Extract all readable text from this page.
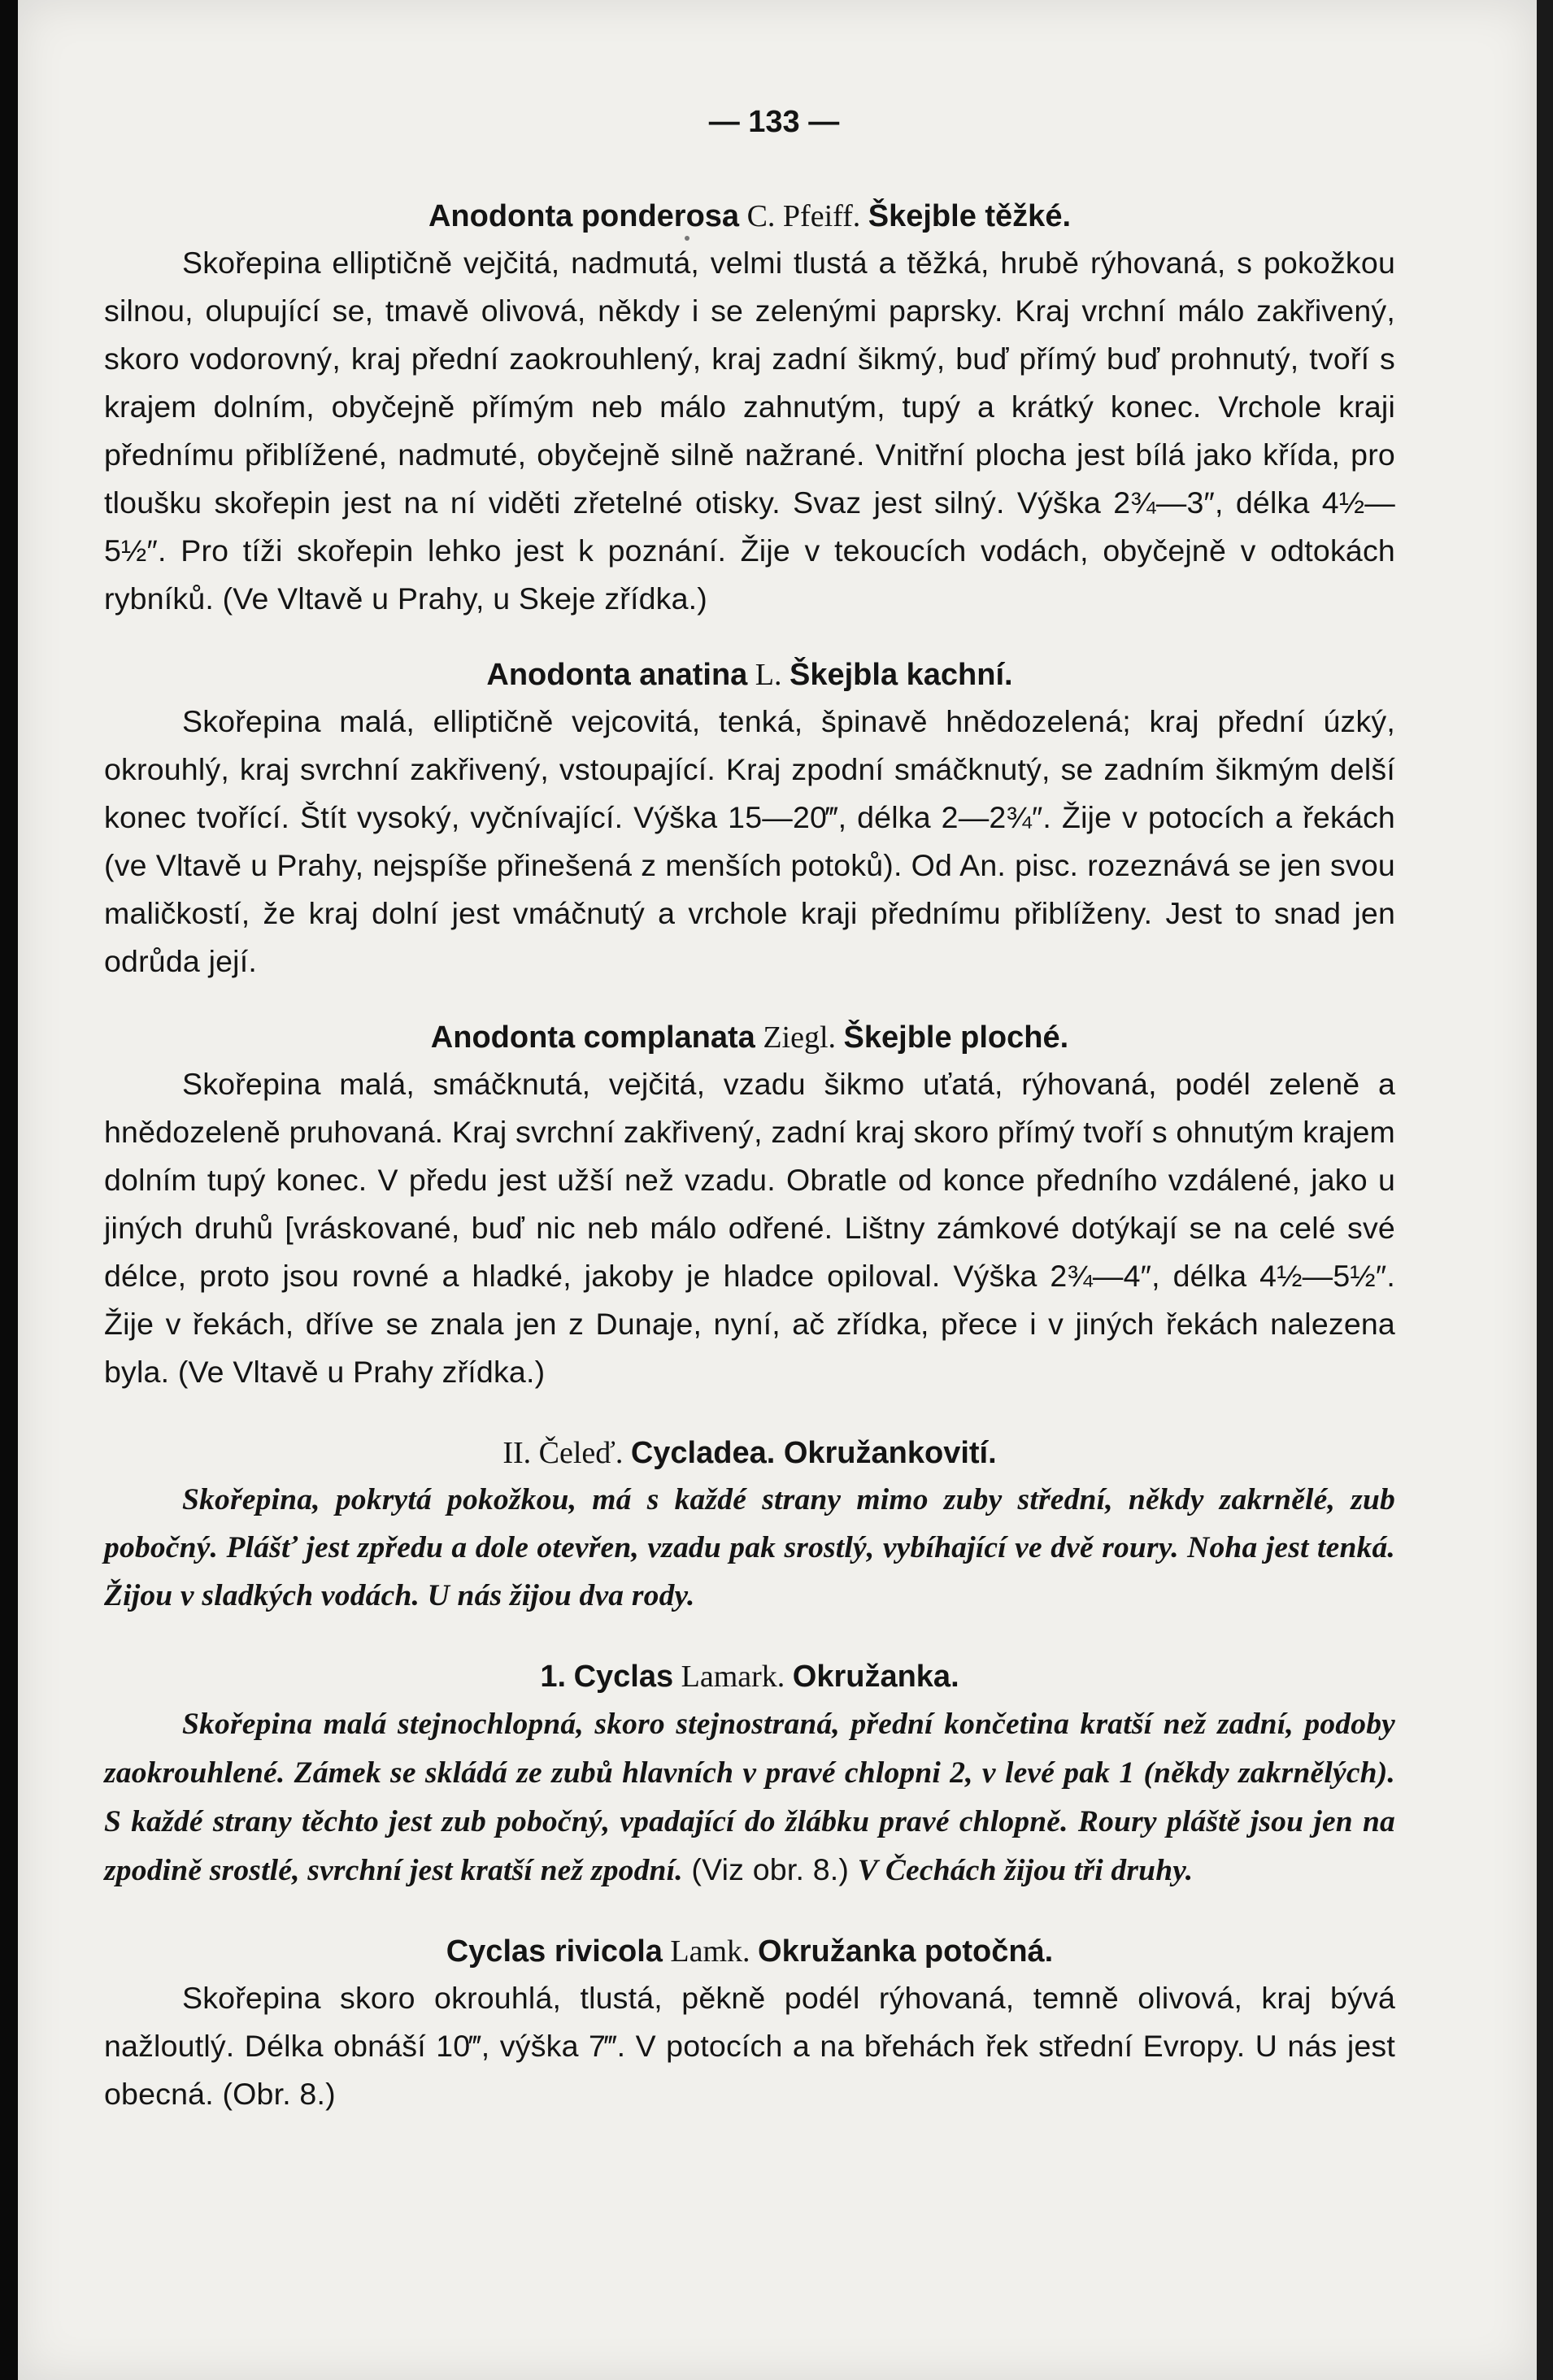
— 133 —
Anodonta ponderosa C. Pfeiff. Škejble těžké.

Skořepina elliptičně vejčitá, nadmutá, velmi tlustá a těžká, hrubě rýhovaná, s pokožkou silnou, olupující se, tmavě olivová, někdy i se zelenými paprsky. Kraj vrchní málo zakřivený, skoro vodorovný, kraj přední zaokrouhlený, kraj zadní šikmý, buď přímý buď prohnutý, tvoří s krajem dolním, obyčejně přímým neb málo zahnutým, tupý a krátký konec. Vrchole kraji přednímu přiblížené, nadmuté, obyčejně silně nažrané. Vnitřní plocha jest bílá jako křída, pro tloušku skořepin jest na ní viděti zřetelné otisky. Svaz jest silný. Výška 2¾—3″, délka 4½—5½″. Pro tíži skořepin lehko jest k poznání. Žije v tekoucích vodách, obyčejně v odtokách rybníků. (Ve Vltavě u Prahy, u Skeje zřídka.)

Anodonta anatina L. Škejbla kachní.

Skořepina malá, elliptičně vejcovitá, tenká, špinavě hnědozelená; kraj přední úzký, okrouhlý, kraj svrchní zakřivený, vstoupající. Kraj zpodní smáčknutý, se zadním šikmým delší konec tvořící. Štít vysoký, vyčnívající. Výška 15—20‴, délka 2—2¾″. Žije v potocích a řekách (ve Vltavě u Prahy, nejspíše přinešená z menších potoků). Od An. pisc. rozeznává se jen svou maličkostí, že kraj dolní jest vmáčnutý a vrchole kraji přednímu přiblíženy. Jest to snad jen odrůda její.

Anodonta complanata Ziegl. Škejble ploché.

Skořepina malá, smáčknutá, vejčitá, vzadu šikmo uťatá, rýhovaná, podél zeleně a hnědozeleně pruhovaná. Kraj svrchní zakřivený, zadní kraj skoro přímý tvoří s ohnutým krajem dolním tupý konec. V předu jest užší než vzadu. Obratle od konce předního vzdálené, jako u jiných druhů [vráskované, buď nic neb málo odřené. Lištny zámkové dotýkají se na celé své délce, proto jsou rovné a hladké, jakoby je hladce opiloval. Výška 2¾—4″, délka 4½—5½″. Žije v řekách, dříve se znala jen z Dunaje, nyní, ač zřídka, přece i v jiných řekách nalezena byla. (Ve Vltavě u Prahy zřídka.)

II. Čeleď. Cycladea. Okružankovití.

Skořepina, pokrytá pokožkou, má s každé strany mimo zuby střední, někdy zakrnělé, zub pobočný. Plášť jest zpředu a dole otevřen, vzadu pak srostlý, vybíhající ve dvě roury. Noha jest tenká. Žijou v sladkých vodách. U nás žijou dva rody.

1. Cyclas Lamark. Okružanka.

Skořepina malá stejnochlopná, skoro stejnostraná, přední končetina kratší než zadní, podoby zaokrouhlené. Zámek se skládá ze zubů hlavních v pravé chlopni 2, v levé pak 1 (někdy zakrnělých). S každé strany těchto jest zub pobočný, vpadající do žlábku pravé chlopně. Roury pláště jsou jen na zpodině srostlé, svrchní jest kratší než zpodní. (Viz obr. 8.) V Čechách žijou tři druhy.

Cyclas rivicola Lamk. Okružanka potočná.

Skořepina skoro okrouhlá, tlustá, pěkně podél rýhovaná, temně olivová, kraj bývá nažloutlý. Délka obnáší 10‴, výška 7‴. V potocích a na břehách řek střední Evropy. U nás jest obecná. (Obr. 8.)
